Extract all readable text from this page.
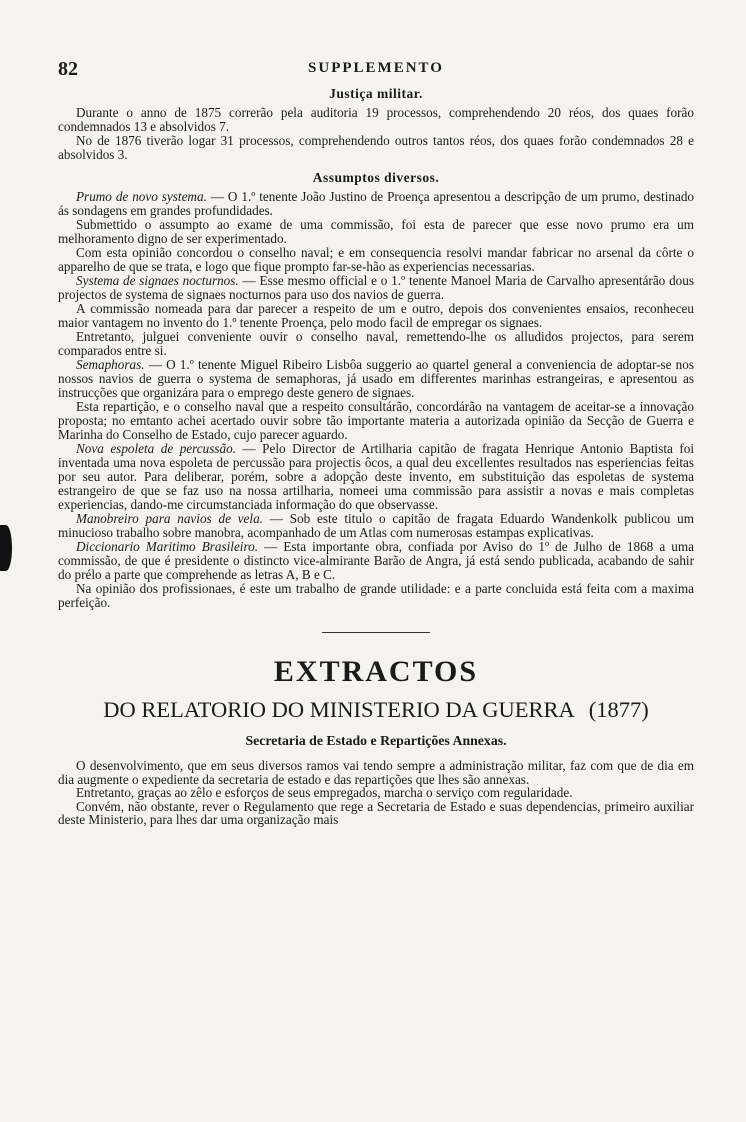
82	SUPPLEMENTO
Justiça militar.

Durante o anno de 1875 correrão pela auditoria 19 processos, comprehendendo 20 réos, dos quaes forão condemnados 13 e absolvidos 7.

No de 1876 tiverão logar 31 processos, comprehendendo outros tantos réos, dos quaes forão condemnados 28 e absolvidos 3.

Assumptos diversos.

Prumo de novo systema. — O 1.º tenente João Justino de Proença apresentou a descripção de um prumo, destinado ás sondagens em grandes profundidades.

Submettido o assumpto ao exame de uma commissão, foi esta de parecer que esse novo prumo era um melhoramento digno de ser experimentado.

Com esta opinião concordou o conselho naval; e em consequencia resolvi mandar fabricar no arsenal da côrte o apparelho de que se trata, e logo que fique prompto far-se-hão as experiencias necessarias.

Systema de signaes nocturnos. — Esse mesmo official e o 1.º tenente Manoel Maria de Carvalho apresentárão dous projectos de systema de signaes nocturnos para uso dos navios de guerra.

A commissão nomeada para dar parecer a respeito de um e outro, depois dos convenientes ensaios, reconheceu maior vantagem no invento do 1.º tenente Proença, pelo modo facil de empregar os signaes.

Entretanto, julguei conveniente ouvir o conselho naval, remettendo-lhe os alludidos projectos, para serem comparados entre si.

Semaphoras. — O 1.º tenente Miguel Ribeiro Lisbôa suggerio ao quartel general a conveniencia de adoptar-se nos nossos navios de guerra o systema de semaphoras, já usado em differentes marinhas estrangeiras, e apresentou as instrucções que organizára para o emprego deste genero de signaes.

Esta repartição, e o conselho naval que a respeito consultárão, concordárão na vantagem de aceitar-se a innovação proposta; no emtanto achei acertado ouvir sobre tão importante materia a autorizada opinião da Secção de Guerra e Marinha do Conselho de Estado, cujo parecer aguardo.

Nova espoleta de percussão. — Pelo Director de Artilharia capitão de fragata Henrique Antonio Baptista foi inventada uma nova espoleta de percussão para projectis ôcos, a qual deu excellentes resultados nas esperiencias feitas por seu autor. Para deliberar, porém, sobre a adopção deste invento, em substituição das espoletas de systema estrangeiro de que se faz uso na nossa artilharia, nomeei uma commissão para assistir a novas e mais completas experiencias, dando-me circumstanciada informação do que observasse.

Manobreiro para navios de vela. — Sob este titulo o capitão de fragata Eduardo Wandenkolk publicou um minucioso trabalho sobre manobra, acompanhado de um Atlas com numerosas estampas explicativas.

Diccionario Maritimo Brasileiro. — Esta importante obra, confiada por Aviso do 1º de Julho de 1868 a uma commissão, de que é presidente o distincto vice-almirante Barão de Angra, já está sendo publicada, acabando de sahir do prélo a parte que comprehende as letras A, B e C.

Na opinião dos profissionaes, é este um trabalho de grande utilidade: e a parte concluida está feita com a maxima perfeição.

EXTRACTOS
DO RELATORIO DO MINISTERIO DA GUERRA (1877)
Secretaria de Estado e Repartições Annexas.

O desenvolvimento, que em seus diversos ramos vai tendo sempre a administração militar, faz com que de dia em dia augmente o expediente da secretaria de estado e das repartições que lhes são annexas.

Entretanto, graças ao zêlo e esforços de seus empregados, marcha o serviço com regularidade.

Convém, não obstante, rever o Regulamento que rege a Secretaria de Estado e suas dependencias, primeiro auxiliar deste Ministerio, para lhes dar uma organização mais
